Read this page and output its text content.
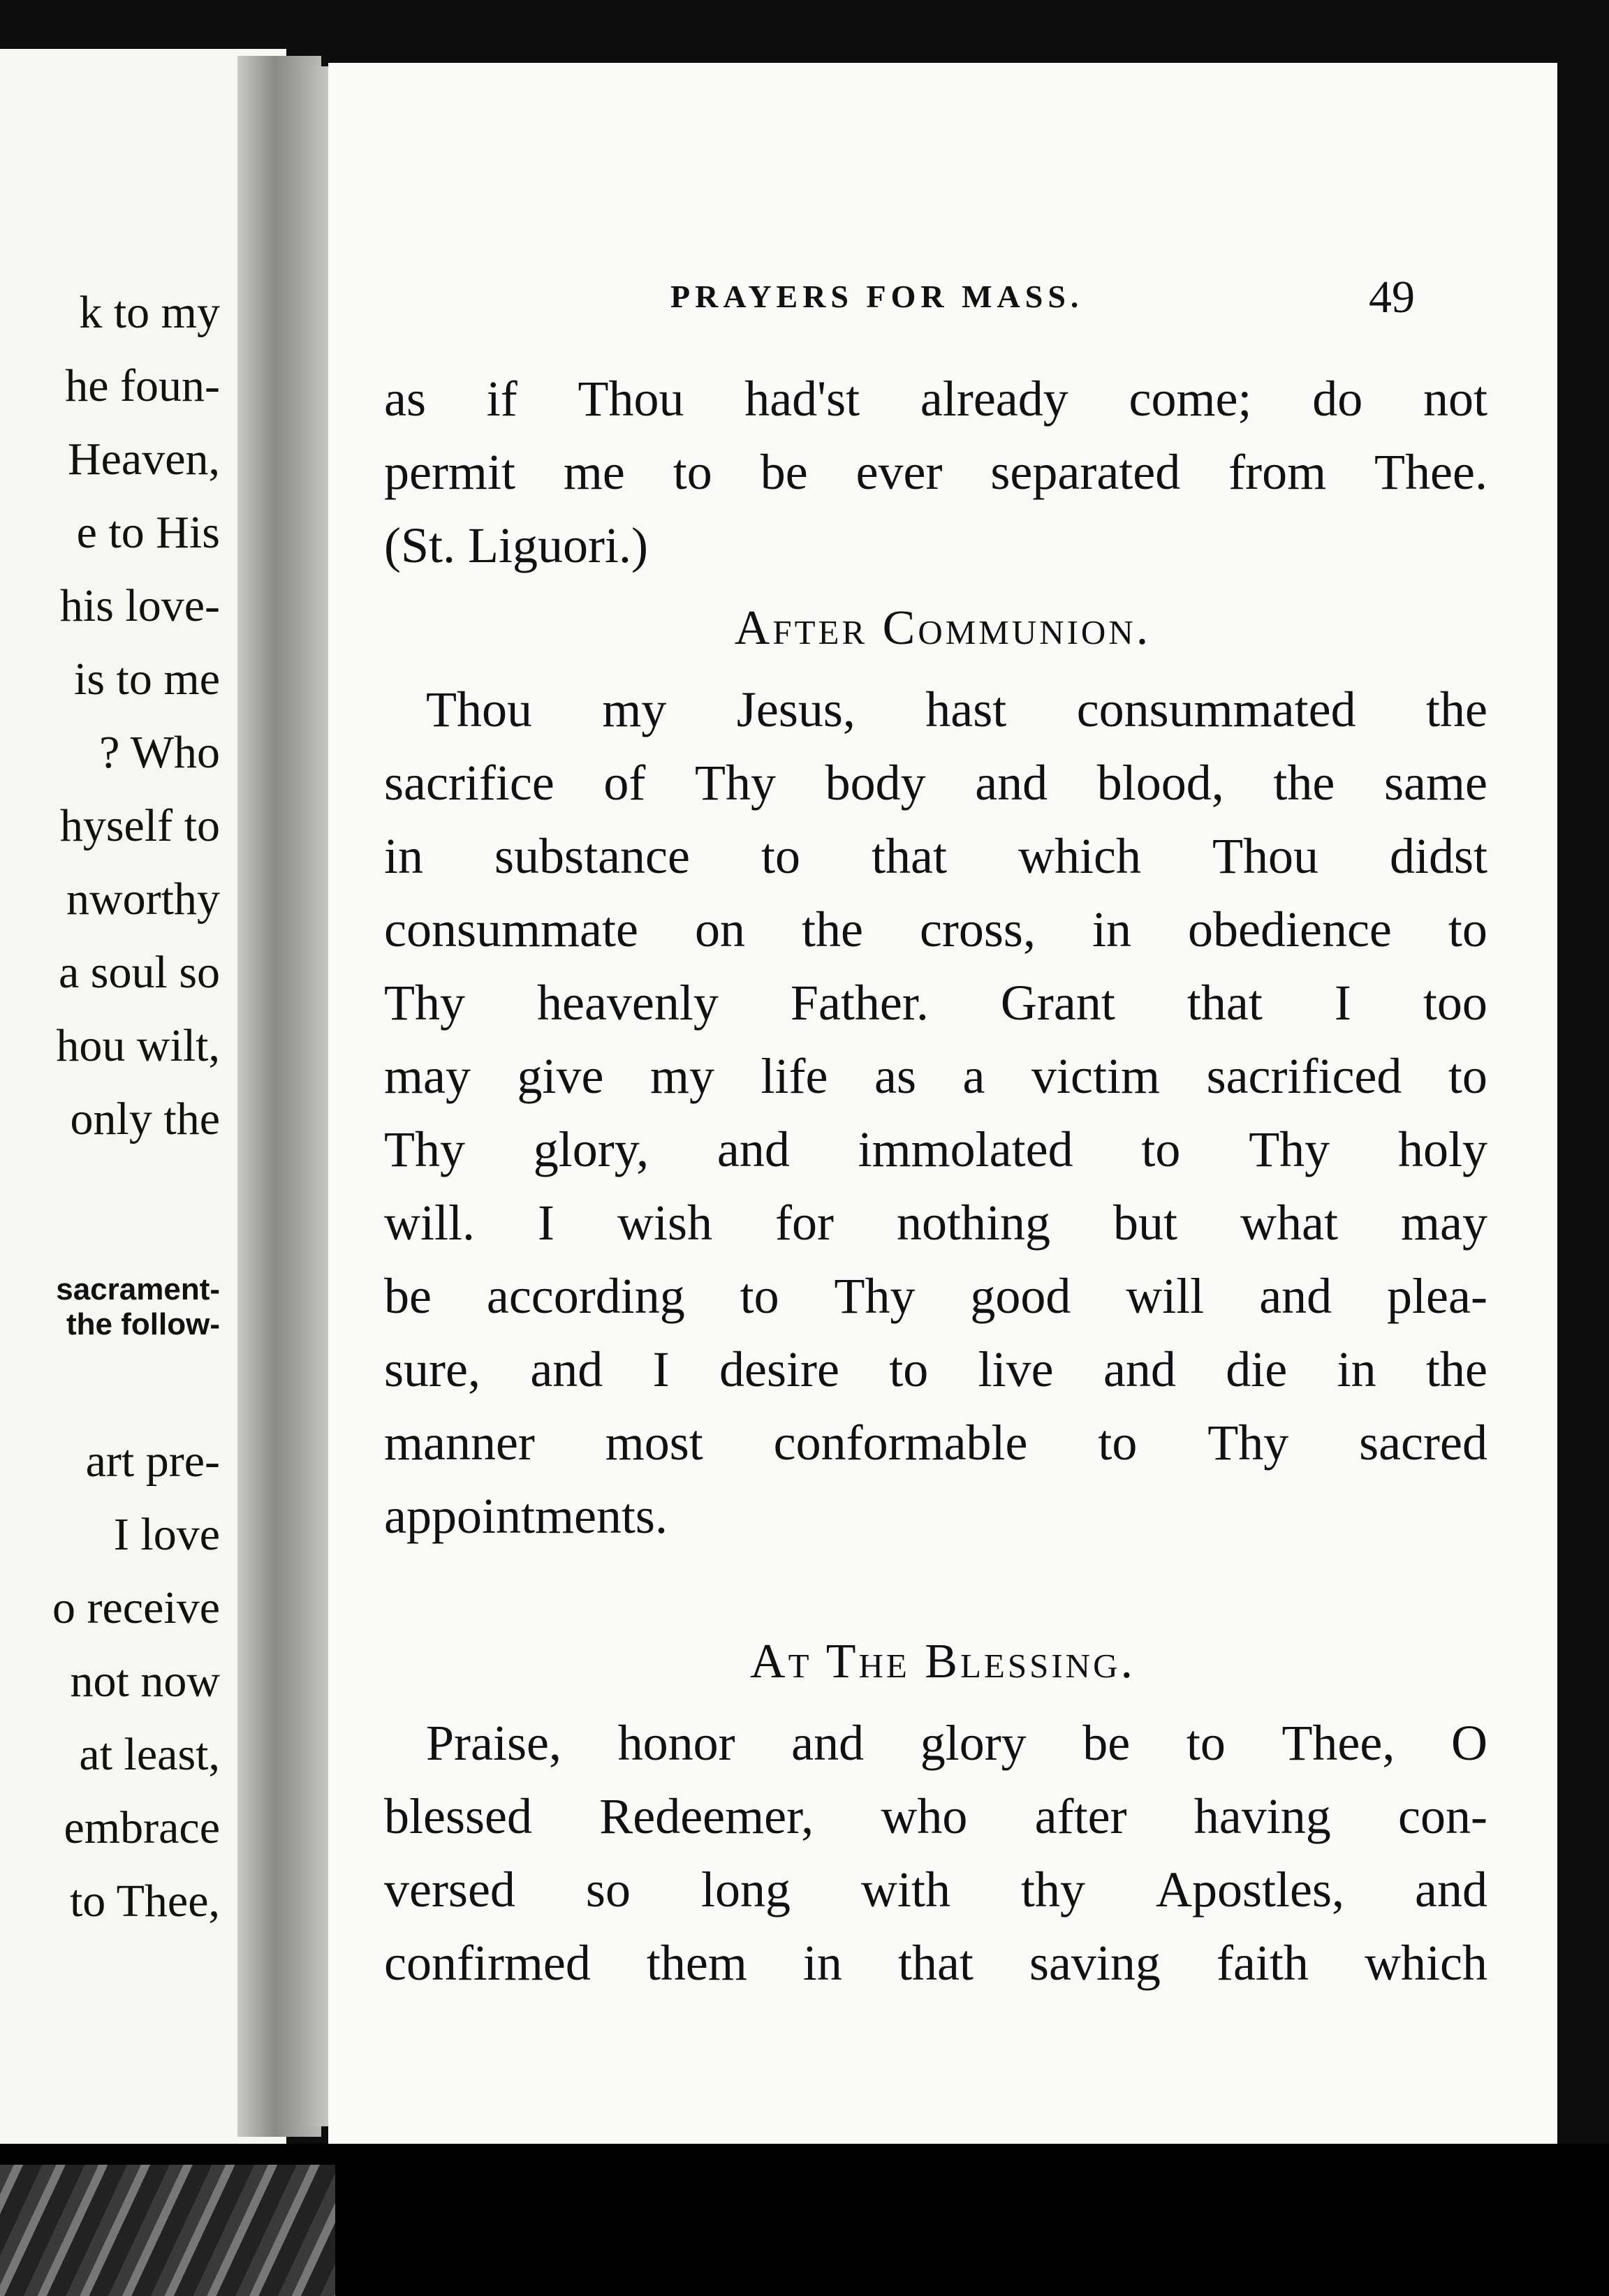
k to my
he foun-
Heaven,
e to His
his love-
is to me
? Who
hyself to
nworthy
a soul so
hou wilt,
only the
sacrament-
the follow-
art pre-
I love
o receive
not now
at least,
embrace
to Thee,
PRAYERS FOR MASS.	49
as if Thou had'st already come; do not
permit me to be ever separated from Thee.
(St. Liguori.)
After Communion.
Thou my Jesus, hast consummated the
sacrifice of Thy body and blood, the same
in substance to that which Thou didst
consummate on the cross, in obedience to
Thy heavenly Father. Grant that I too
may give my life as a victim sacrificed to
Thy glory, and immolated to Thy holy
will. I wish for nothing but what may
be according to Thy good will and plea-
sure, and I desire to live and die in the
manner most conformable to Thy sacred
appointments.
At The Blessing.
Praise, honor and glory be to Thee, O
blessed Redeemer, who after having con-
versed so long with thy Apostles, and
confirmed them in that saving faith which
